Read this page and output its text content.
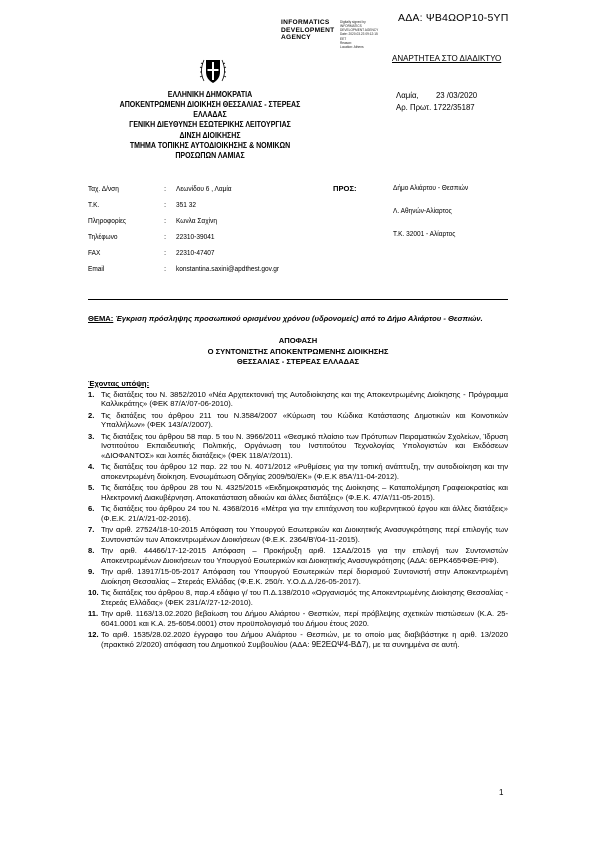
ΑΔΑ: ΨΒ4ΩΟΡ10-5ΥΠ
INFORMATICS
DEVELOPMENT
AGENCY
Digitally signed by
INFORMATICS
DEVELOPMENT AGENCY
Date: 2020.03.23 09:12:15
EET
Reason:
Location: Athens
ΑΝΑΡΤΗΤΕΑ ΣΤΟ ΔΙΑΔΙΚΤΥΟ
ΕΛΛΗΝΙΚΗ ΔΗΜΟΚΡΑΤΙΑ
ΑΠΟΚΕΝΤΡΩΜΕΝΗ ΔΙΟΙΚΗΣΗ ΘΕΣΣΑΛΙΑΣ - ΣΤΕΡΕΑΣ
ΕΛΛΑΔΑΣ
ΓΕΝΙΚΗ ΔΙΕΥΘΥΝΣΗ ΕΣΩΤΕΡΙΚΗΣ ΛΕΙΤΟΥΡΓΙΑΣ
ΔΙΝΣΗ ΔΙΟΙΚΗΣΗΣ
ΤΜΗΜΑ ΤΟΠΙΚΗΣ ΑΥΤΟΔΙΟΙΚΗΣΗΣ & ΝΟΜΙΚΩΝ
ΠΡΟΣΩΠΩΝ ΛΑΜΙΑΣ
Λαμία,        23 /03/2020
Αρ. Πρωτ. 1722/35187
Ταχ. Δ/νση	: Λεωνίδου 6 , Λαμία
Τ.Κ.	: 351 32
Πληροφορίες	: Κωνλα Σαχίνη
Τηλέφωνο	: 22310-39041
FAX	: 22310-47407
Email	: konstantina.saxini@apdthest.gov.gr
ΠΡΟΣ:	Δήμο Αλιάρτου - Θεσπιών
Λ. Αθηνών-Αλίαρτος
Τ.Κ. 32001 - Αλίαρτος
ΘΕΜΑ: Έγκριση πρόσληψης προσωπικού ορισμένου χρόνου (υδρονομείς) από το Δήμο Αλιάρτου - Θεσπιών.
ΑΠΟΦΑΣΗ
Ο ΣΥΝΤΟΝΙΣΤΗΣ ΑΠΟΚΕΝΤΡΩΜΕΝΗΣ ΔΙΟΙΚΗΣΗΣ
ΘΕΣΣΑΛΙΑΣ - ΣΤΕΡΕΑΣ ΕΛΛΑΔΑΣ
Έχοντας υπόψη:
1. Τις διατάξεις του Ν. 3852/2010 «Νέα Αρχιτεκτονική της Αυτοδιοίκησης και της Αποκεντρωμένης Διοίκησης - Πρόγραμμα Καλλικράτης» (ΦΕΚ 87/Α'/07-06-2010).
2. Τις διατάξεις του άρθρου 211 του Ν.3584/2007 «Κύρωση του Κώδικα Κατάστασης Δημοτικών και Κοινοτικών Υπαλλήλων» (ΦΕΚ 143/Α'/2007).
3. Τις διατάξεις του άρθρου 58 παρ. 5 του Ν. 3966/2011 «Θεσμικό πλαίσιο των Πρότυπων Πειραματικών Σχολείων, Ίδρυση Ινστιτούτου Εκπαιδευτικής Πολιτικής, Οργάνωση του Ινστιτούτου Τεχνολογίας Υπολογιστών και Εκδόσεων «ΔΙΟΦΑΝΤΟΣ» και λοιπές διατάξεις» (ΦΕΚ 118/Α'/2011).
4. Τις διατάξεις του άρθρου 12 παρ. 22 του Ν. 4071/2012 «Ρυθμίσεις για την τοπική ανάπτυξη, την αυτοδιοίκηση και την αποκεντρωμένη διοίκηση. Ενσωμάτωση Οδηγίας 2009/50/ΕΚ» (Φ.Ε.Κ 85Α'/11-04-2012).
5. Τις διατάξεις του άρθρου 28 του Ν. 4325/2015 «Εκδημοκρατισμός της Διοίκησης – Καταπολέμηση Γραφειοκρατίας και Ηλεκτρονική Διακυβέρνηση. Αποκατάσταση αδικιών και άλλες διατάξεις» (Φ.Ε.Κ. 47/Α'/11-05-2015).
6. Τις διατάξεις του άρθρου 24 του Ν. 4368/2016 «Μέτρα για την επιτάχυνση του κυβερνητικού έργου και άλλες διατάξεις» (Φ.Ε.Κ. 21/Α'/21-02-2016).
7. Την αριθ. 27524/18-10-2015 Απόφαση του Υπουργού Εσωτερικών και Διοικητικής Ανασυγκρότησης περί επιλογής των Συντονιστών των Αποκεντρωμένων Διοικήσεων (Φ.Ε.Κ. 2364/Β'/04-11-2015).
8. Την αριθ. 44466/17-12-2015 Απόφαση – Προκήρυξη αριθ. 1ΣΑΔ/2015 για την επιλογή των Συντονιστών Αποκεντρωμένων Διοικήσεων του Υπουργού Εσωτερικών και Διοικητικής Ανασυγκρότησης (ΑΔΑ: 6ΕΡΚ465ΦΘΕ-ΡΙΦ).
9. Την αριθ. 13917/15-05-2017 Απόφαση του Υπουργού Εσωτερικών περί διορισμού Συντονιστή στην Αποκεντρωμένη Διοίκηση Θεσσαλίας – Στερεάς Ελλάδας (Φ.Ε.Κ. 250/τ. Υ.Ο.Δ.Δ./26-05-2017).
10. Τις διατάξεις του άρθρου 8, παρ.4 εδάφιο γ/ του Π.Δ.138/2010 «Οργανισμός της Αποκεντρωμένης Διοίκησης Θεσσαλίας - Στερεάς Ελλάδας» (ΦΕΚ 231/Α'/27-12-2010).
11. Την αριθ. 1163/13.02.2020 βεβαίωση του Δήμου Αλιάρτου - Θεσπιών, περί πρόβλεψης σχετικών πιστώσεων (Κ.Α. 25-6041.0001 και Κ.Α. 25-6054.0001) στον προϋπολογισμό του Δήμου έτους 2020.
12. Το αριθ. 1535/28.02.2020 έγγραφο του Δήμου Αλιάρτου - Θεσπιών, με το οποίο μας διαβιβάστηκε η αριθ. 13/2020 (πρακτικό 2/2020) απόφαση του Δημοτικού Συμβουλίου (ΑΔΑ: 9Ε2ΕΩΨ4-ΒΔ7), με τα συνημμένα σε αυτή.
1
